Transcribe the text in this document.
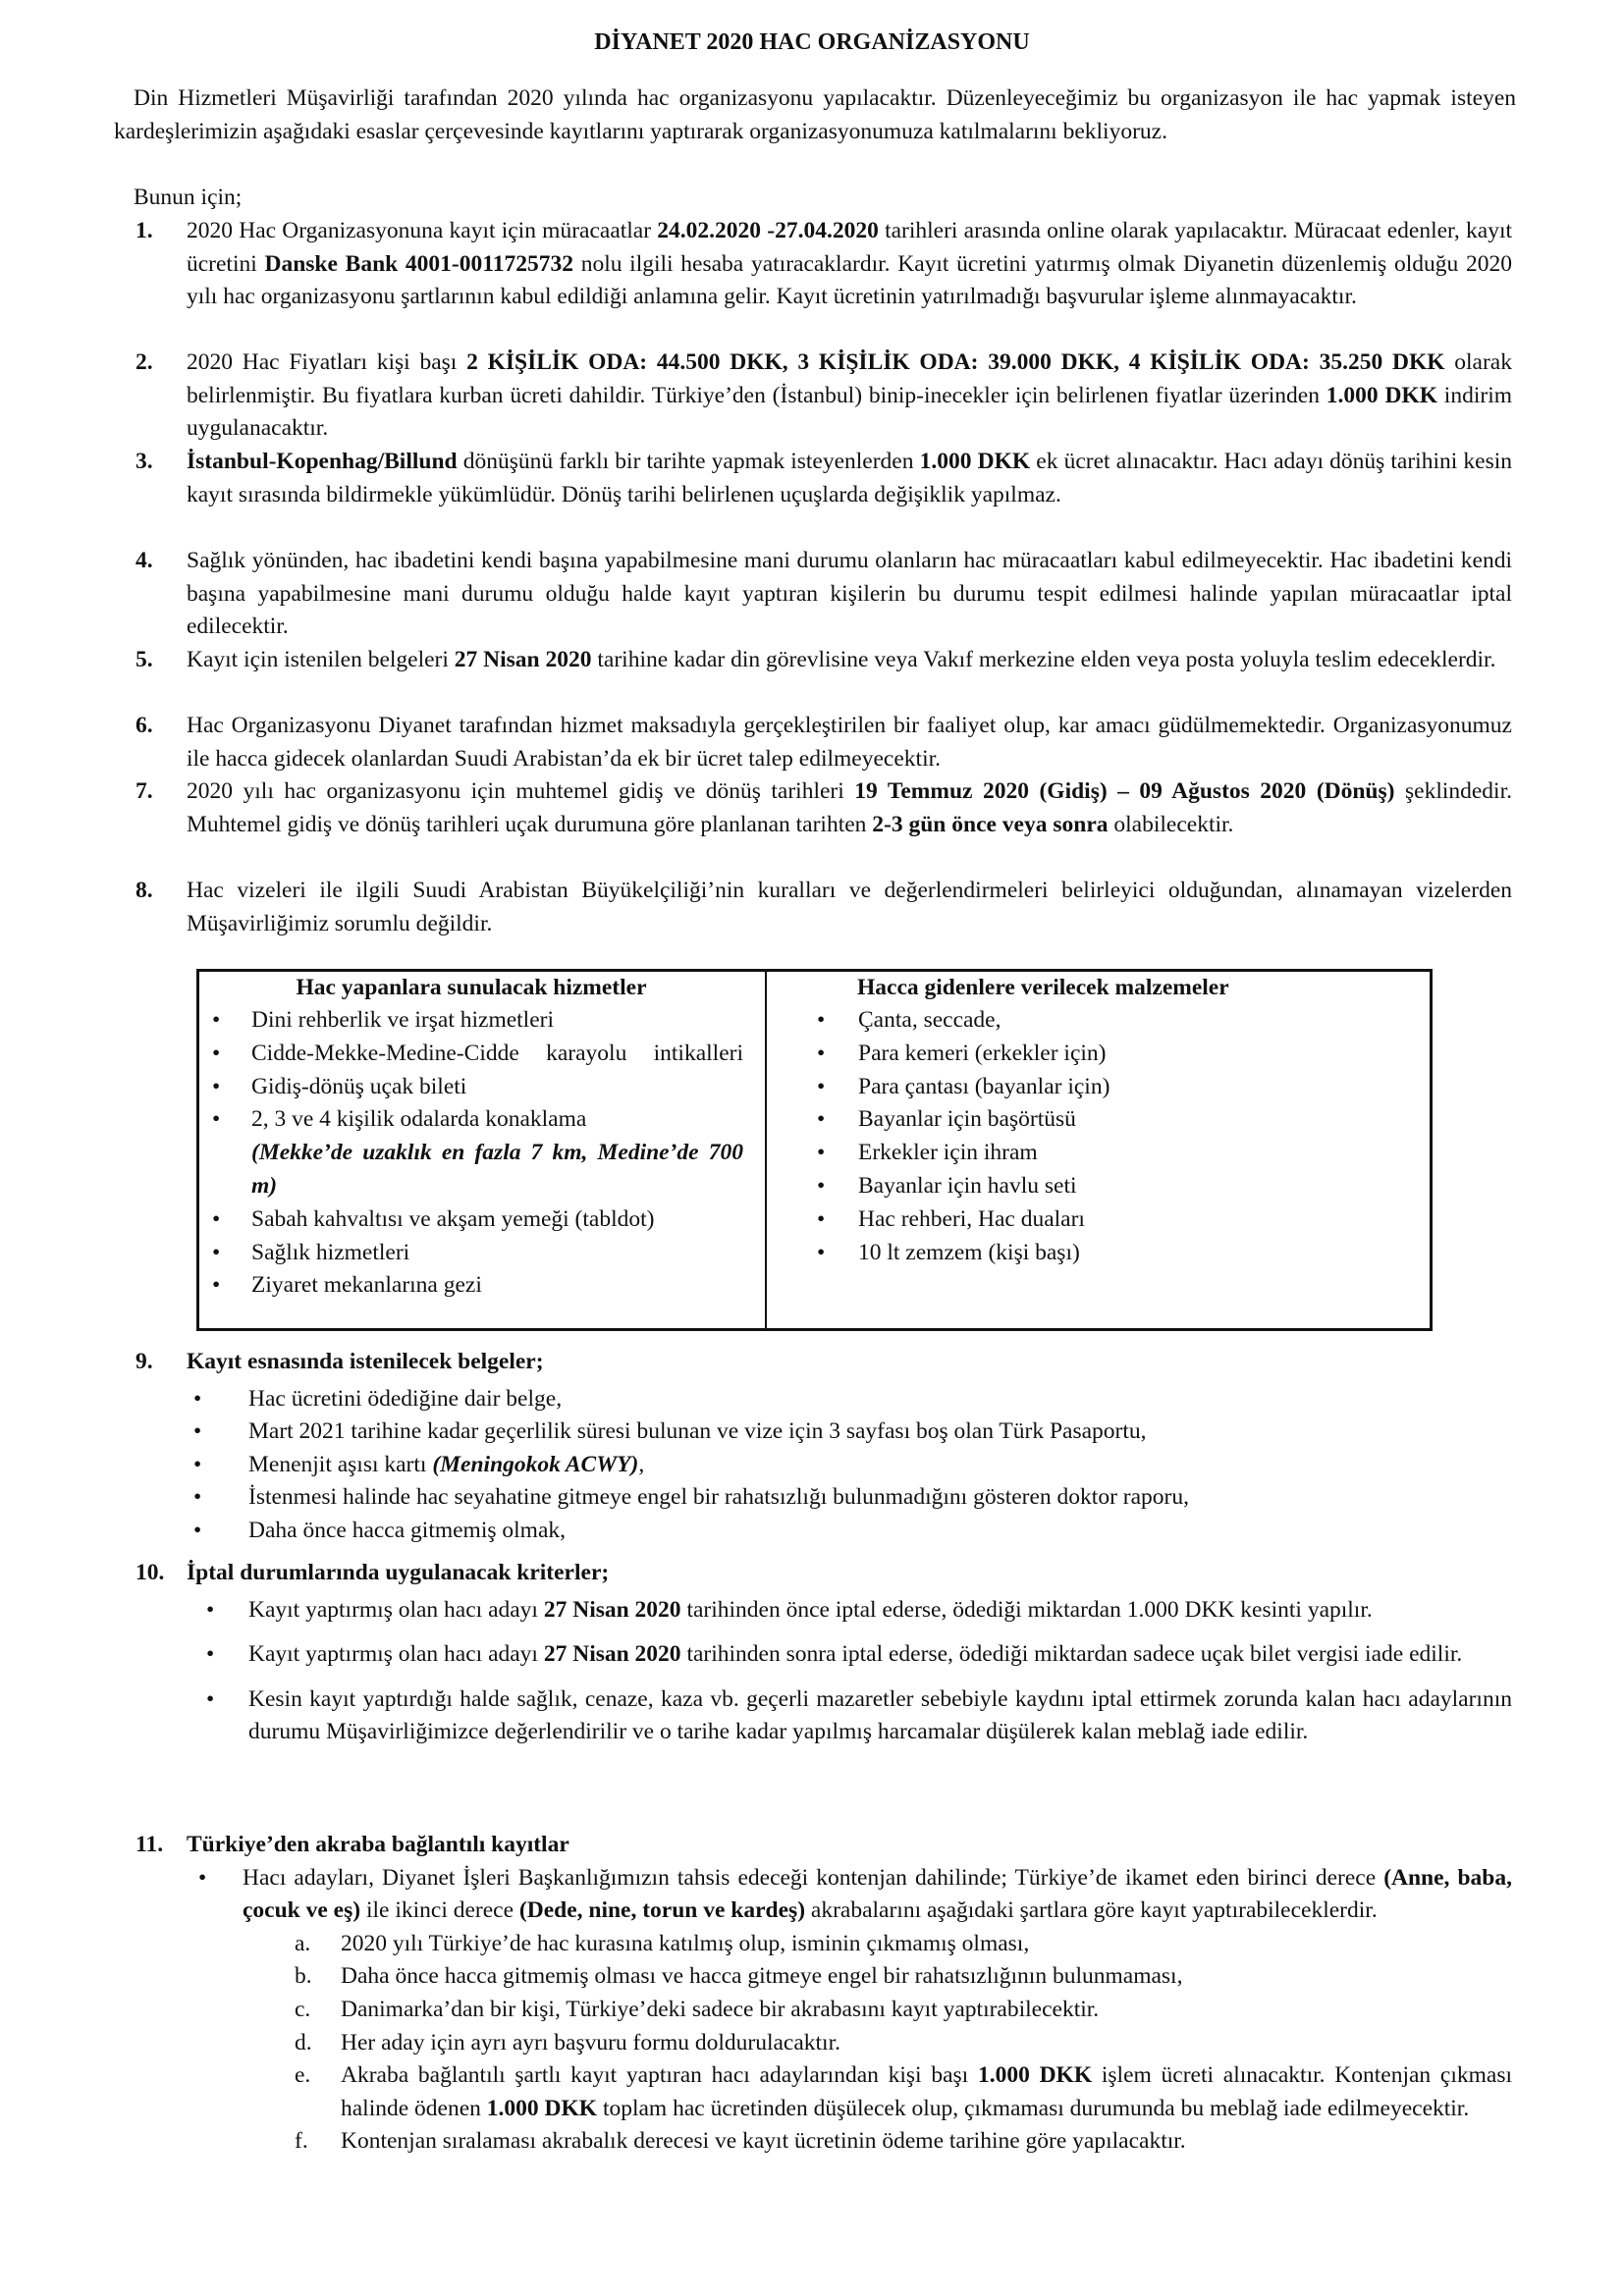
DİYANET 2020 HAC ORGANİZASYONU

Din Hizmetleri Müşavirliği tarafından 2020 yılında hac organizasyonu yapılacaktır. Düzenleyeceğimiz bu organizasyon ile hac yapmak isteyen kardeşlerimizin aşağıdaki esaslar çerçevesinde kayıtlarını yaptırarak organizasyonumuza katılmalarını bekliyoruz.

Bunun için;
1. 2020 Hac Organizasyonuna kayıt için müracaatlar 24.02.2020 -27.04.2020 tarihleri arasında online olarak yapılacaktır. Müracaat edenler, kayıt ücretini Danske Bank 4001-0011725732 nolu ilgili hesaba yatıracaklardır. Kayıt ücretini yatırmış olmak Diyanetin düzenlemiş olduğu 2020 yılı hac organizasyonu şartlarının kabul edildiği anlamına gelir. Kayıt ücretinin yatırılmadığı başvurular işleme alınmayacaktır.
2. 2020 Hac Fiyatları kişi başı 2 KİŞİLİK ODA: 44.500 DKK, 3 KİŞİLİK ODA: 39.000 DKK, 4 KİŞİLİK ODA: 35.250 DKK olarak belirlenmiştir. Bu fiyatlara kurban ücreti dahildir. Türkiye’den (İstanbul) binip-inecekler için belirlenen fiyatlar üzerinden 1.000 DKK indirim uygulanacaktır.
3. İstanbul-Kopenhag/Billund dönüşünü farklı bir tarihte yapmak isteyenlerden 1.000 DKK ek ücret alınacaktır. Hacı adayı dönüş tarihini kesin kayıt sırasında bildirmekle yükümlüdür. Dönüş tarihi belirlenen uçuşlarda değişiklik yapılmaz.
4. Sağlık yönünden, hac ibadetini kendi başına yapabilmesine mani durumu olanların hac müracaatları kabul edilmeyecektir. Hac ibadetini kendi başına yapabilmesine mani durumu olduğu halde kayıt yaptıran kişilerin bu durumu tespit edilmesi halinde yapılan müracaatlar iptal edilecektir.
5. Kayıt için istenilen belgeleri 27 Nisan 2020 tarihine kadar din görevlisine veya Vakıf merkezine elden veya posta yoluyla teslim edeceklerdir.
6. Hac Organizasyonu Diyanet tarafından hizmet maksadıyla gerçekleştirilen bir faaliyet olup, kar amacı güdülmemektedir. Organizasyonumuz ile hacca gidecek olanlardan Suudi Arabistan’da ek bir ücret talep edilmeyecektir.
7. 2020 yılı hac organizasyonu için muhtemel gidiş ve dönüş tarihleri 19 Temmuz 2020 (Gidiş) – 09 Ağustos 2020 (Dönüş) şeklindedir. Muhtemel gidiş ve dönüş tarihleri uçak durumuna göre planlanan tarihten 2-3 gün önce veya sonra olabilecektir.
8. Hac vizeleri ile ilgili Suudi Arabistan Büyükelçiliği’nin kuralları ve değerlendirmeleri belirleyici olduğundan, alınamayan vizelerden Müşavirliğimiz sorumlu değildir.
Hac yapanlara sunulacak hizmetler
• Dini rehberlik ve irşat hizmetleri
• Cidde-Mekke-Medine-Cidde karayolu intikalleri
• Gidiş-dönüş uçak bileti
• 2, 3 ve 4 kişilik odalarda konaklama
(Mekke’de uzaklık en fazla 7 km, Medine’de 700 m)
• Sabah kahvaltısı ve akşam yemeği (tabldot)
• Sağlık hizmetleri
• Ziyaret mekanlarına gezi
Hacca gidenlere verilecek malzemeler
• Çanta, seccade,
• Para kemeri (erkekler için)
• Para çantası (bayanlar için)
• Bayanlar için başörtüsü
• Erkekler için ihram
• Bayanlar için havlu seti
• Hac rehberi, Hac duaları
• 10 lt zemzem (kişi başı)
9. Kayıt esnasında istenilecek belgeler;
• Hac ücretini ödediğine dair belge,
• Mart 2021 tarihine kadar geçerlilik süresi bulunan ve vize için 3 sayfası boş olan Türk Pasaportu,
• Menenjit aşısı kartı (Meningokok ACWY),
• İstenmesi halinde hac seyahatine gitmeye engel bir rahatsızlığı bulunmadığını gösteren doktor raporu,
• Daha önce hacca gitmemiş olmak,
10. İptal durumlarında uygulanacak kriterler;
• Kayıt yaptırmış olan hacı adayı 27 Nisan 2020 tarihinden önce iptal ederse, ödediği miktardan 1.000 DKK kesinti yapılır.
• Kayıt yaptırmış olan hacı adayı 27 Nisan 2020 tarihinden sonra iptal ederse, ödediği miktardan sadece uçak bilet vergisi iade edilir.
• Kesin kayıt yaptırdığı halde sağlık, cenaze, kaza vb. geçerli mazaretler sebebiyle kaydını iptal ettirmek zorunda kalan hacı adaylarının durumu Müşavirliğimizce değerlendirilir ve o tarihe kadar yapılmış harcamalar düşülerek kalan meblağ iade edilir.
11. Türkiye’den akraba bağlantılı kayıtlar
• Hacı adayları, Diyanet İşleri Başkanlığımızın tahsis edeceği kontenjan dahilinde; Türkiye’de ikamet eden birinci derece (Anne, baba, çocuk ve eş) ile ikinci derece (Dede, nine, torun ve kardeş) akrabalarını aşağıdaki şartlara göre kayıt yaptırabileceklerdir.
a. 2020 yılı Türkiye’de hac kurasına katılmış olup, isminin çıkmamış olması,
b. Daha önce hacca gitmemiş olması ve hacca gitmeye engel bir rahatsızlığının bulunmaması,
c. Danimarka’dan bir kişi, Türkiye’deki sadece bir akrabasını kayıt yaptırabilecektir.
d. Her aday için ayrı ayrı başvuru formu doldurulacaktır.
e. Akraba bağlantılı şartlı kayıt yaptıran hacı adaylarından kişi başı 1.000 DKK işlem ücreti alınacaktır. Kontenjan çıkması halinde ödenen 1.000 DKK toplam hac ücretinden düşülecek olup, çıkmaması durumunda bu meblağ iade edilmeyecektir.
f. Kontenjan sıralaması akrabalık derecesi ve kayıt ücretinin ödeme tarihine göre yapılacaktır.
